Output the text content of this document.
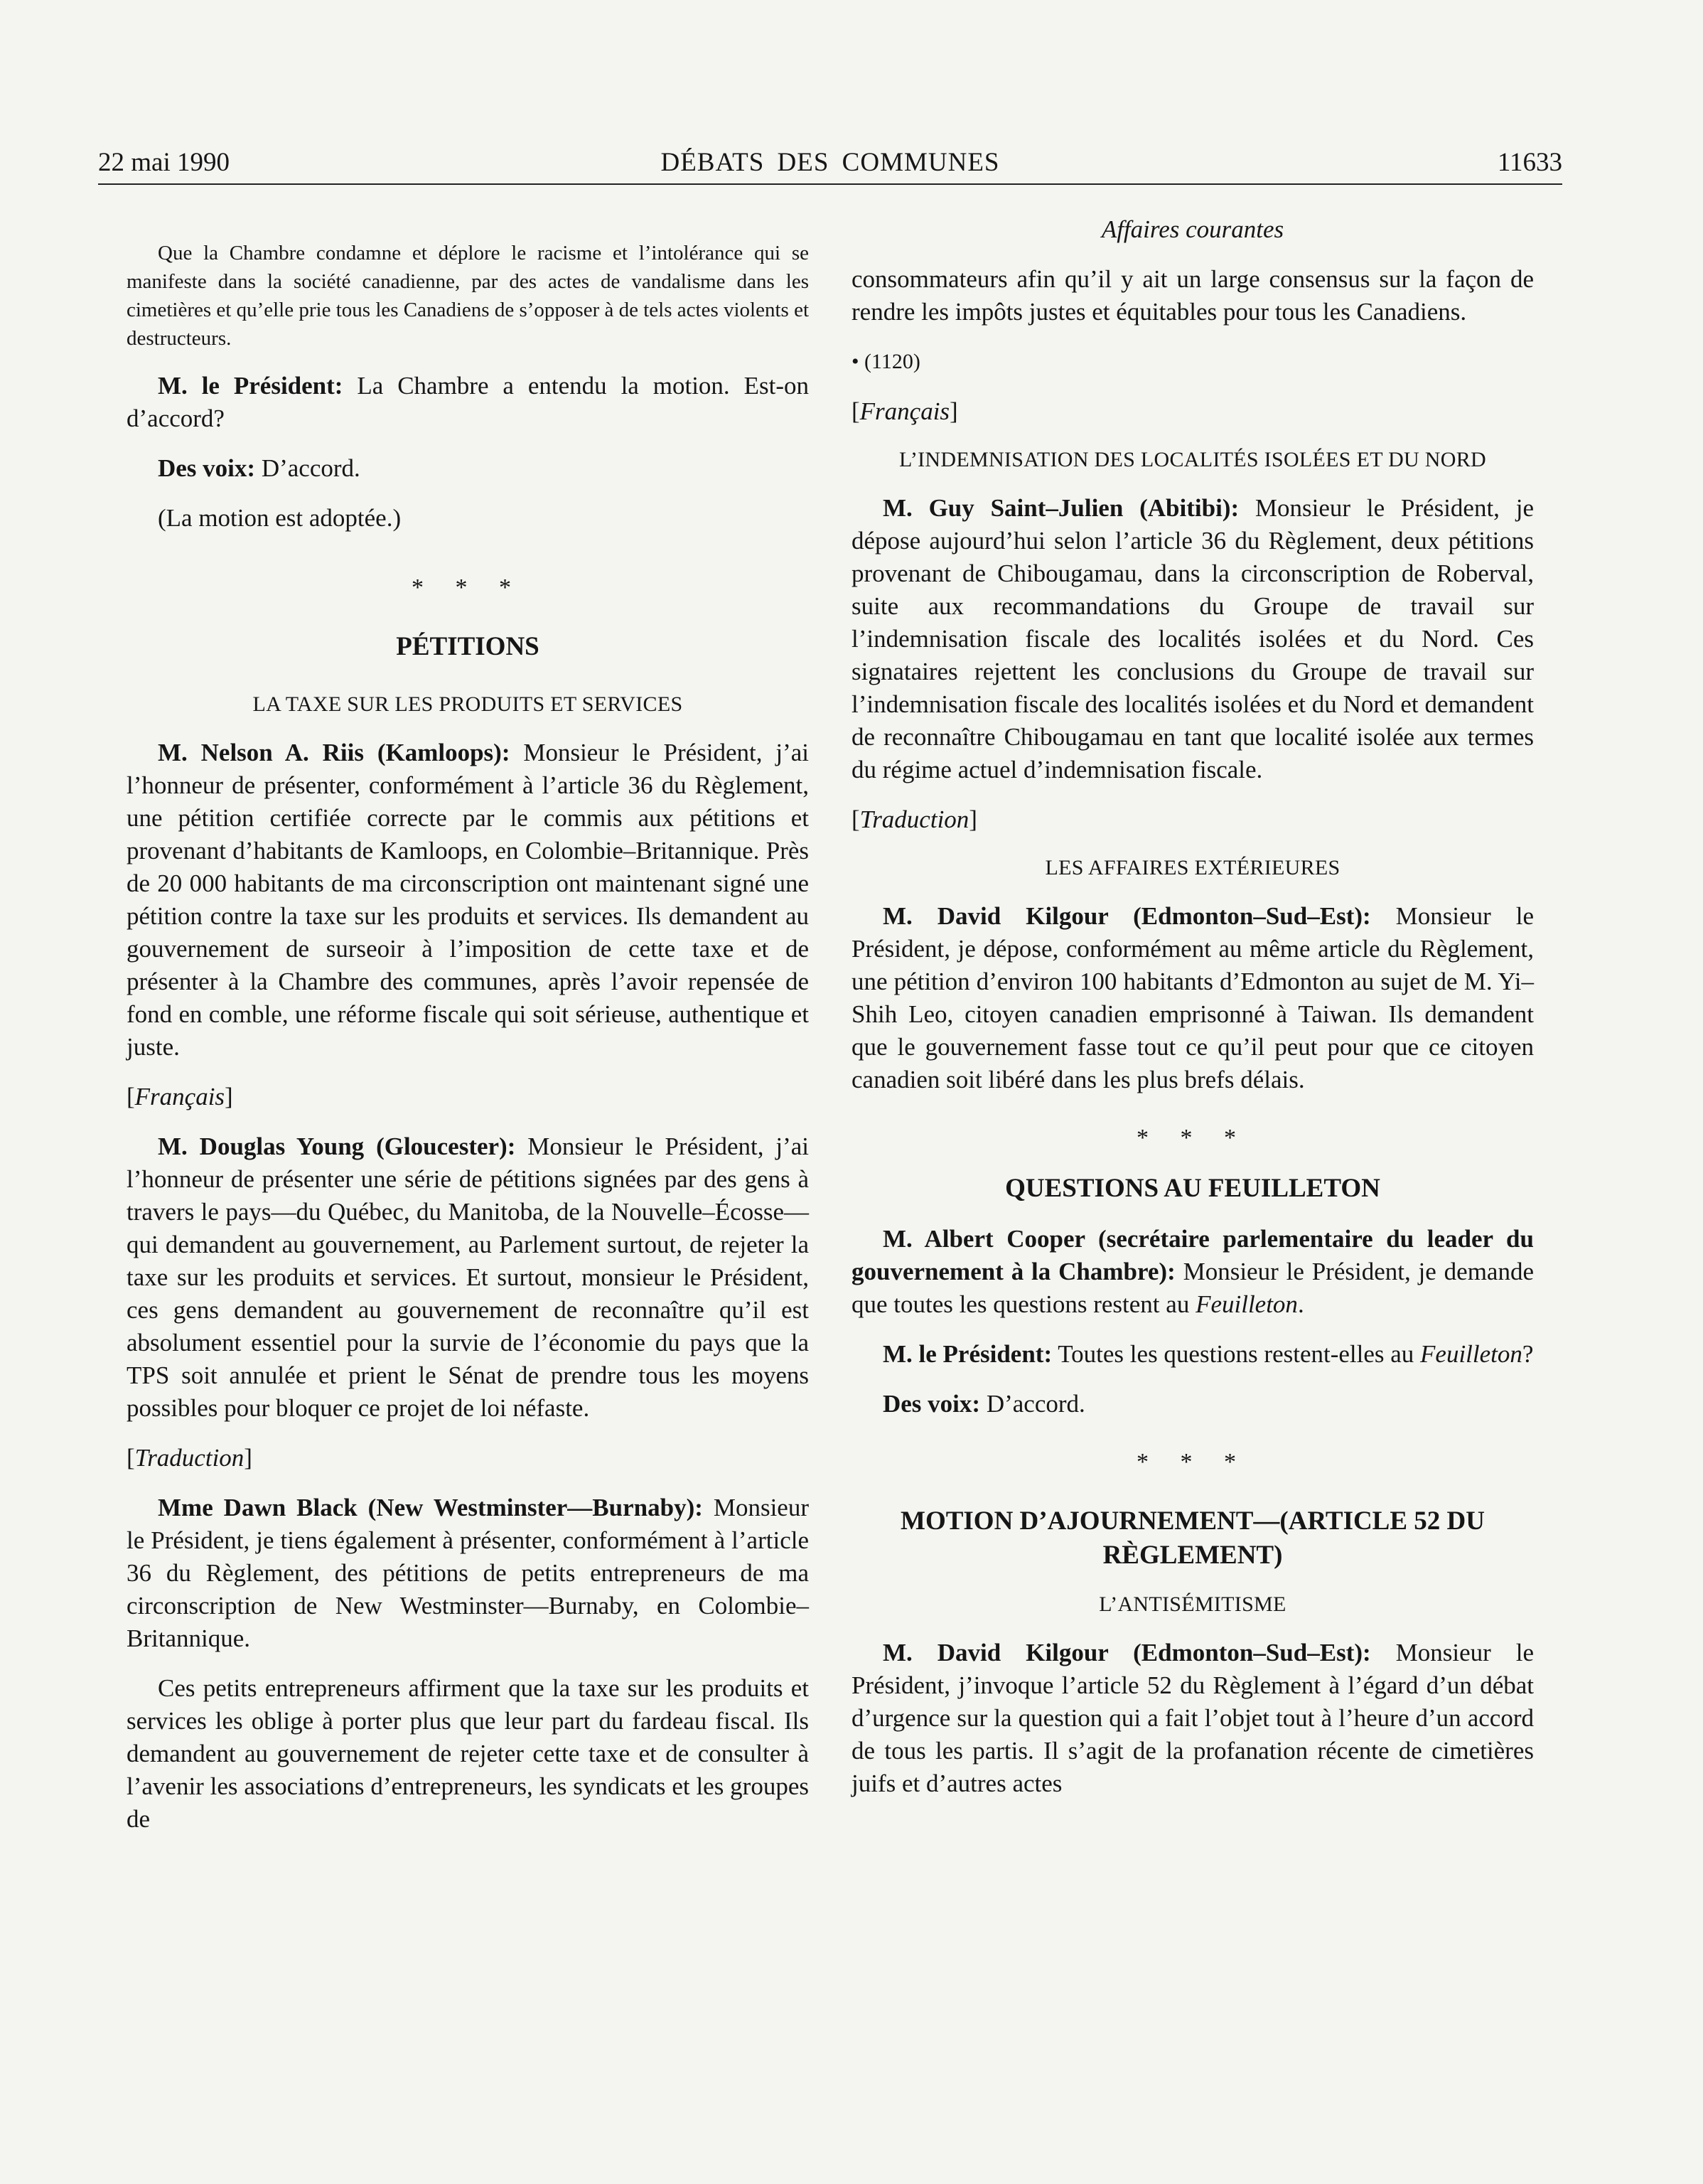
22 mai 1990	DÉBATS DES COMMUNES	11633

Que la Chambre condamne et déplore le racisme et l’intolérance qui se manifeste dans la société canadienne, par des actes de vandalisme dans les cimetières et qu’elle prie tous les Canadiens de s’opposer à de tels actes violents et destructeurs.

M. le Président: La Chambre a entendu la motion. Est-on d’accord?

Des voix: D’accord.

(La motion est adoptée.)

* * *

PÉTITIONS

LA TAXE SUR LES PRODUITS ET SERVICES

M. Nelson A. Riis (Kamloops): Monsieur le Président, j’ai l’honneur de présenter, conformément à l’article 36 du Règlement, une pétition certifiée correcte par le commis aux pétitions et provenant d’habitants de Kamloops, en Colombie–Britannique. Près de 20 000 habitants de ma circonscription ont maintenant signé une pétition contre la taxe sur les produits et services. Ils demandent au gouvernement de surseoir à l’imposition de cette taxe et de présenter à la Chambre des communes, après l’avoir repensée de fond en comble, une réforme fiscale qui soit sérieuse, authentique et juste.

[Français]

M. Douglas Young (Gloucester): Monsieur le Président, j’ai l’honneur de présenter une série de pétitions signées par des gens à travers le pays—du Québec, du Manitoba, de la Nouvelle–Écosse—qui demandent au gouvernement, au Parlement surtout, de rejeter la taxe sur les produits et services. Et surtout, monsieur le Président, ces gens demandent au gouvernement de reconnaître qu’il est absolument essentiel pour la survie de l’économie du pays que la TPS soit annulée et prient le Sénat de prendre tous les moyens possibles pour bloquer ce projet de loi néfaste.

[Traduction]

Mme Dawn Black (New Westminster—Burnaby): Monsieur le Président, je tiens également à présenter, conformément à l’article 36 du Règlement, des pétitions de petits entrepreneurs de ma circonscription de New Westminster—Burnaby, en Colombie–Britannique.

Ces petits entrepreneurs affirment que la taxe sur les produits et services les oblige à porter plus que leur part du fardeau fiscal. Ils demandent au gouvernement de rejeter cette taxe et de consulter à l’avenir les associations d’entrepreneurs, les syndicats et les groupes de

Affaires courantes

consommateurs afin qu’il y ait un large consensus sur la façon de rendre les impôts justes et équitables pour tous les Canadiens.

• (1120)

[Français]

L’INDEMNISATION DES LOCALITÉS ISOLÉES ET DU NORD

M. Guy Saint–Julien (Abitibi): Monsieur le Président, je dépose aujourd’hui selon l’article 36 du Règlement, deux pétitions provenant de Chibougamau, dans la circonscription de Roberval, suite aux recommandations du Groupe de travail sur l’indemnisation fiscale des localités isolées et du Nord. Ces signataires rejettent les conclusions du Groupe de travail sur l’indemnisation fiscale des localités isolées et du Nord et demandent de reconnaître Chibougamau en tant que localité isolée aux termes du régime actuel d’indemnisation fiscale.

[Traduction]

LES AFFAIRES EXTÉRIEURES

M. David Kilgour (Edmonton–Sud–Est): Monsieur le Président, je dépose, conformément au même article du Règlement, une pétition d’environ 100 habitants d’Edmonton au sujet de M. Yi–Shih Leo, citoyen canadien emprisonné à Taiwan. Ils demandent que le gouvernement fasse tout ce qu’il peut pour que ce citoyen canadien soit libéré dans les plus brefs délais.

* * *

QUESTIONS AU FEUILLETON

M. Albert Cooper (secrétaire parlementaire du leader du gouvernement à la Chambre): Monsieur le Président, je demande que toutes les questions restent au Feuilleton.

M. le Président: Toutes les questions restent-elles au Feuilleton?

Des voix: D’accord.

* * *

MOTION D’AJOURNEMENT—(ARTICLE 52 DU RÈGLEMENT)

L’ANTISÉMITISME

M. David Kilgour (Edmonton–Sud–Est): Monsieur le Président, j’invoque l’article 52 du Règlement à l’égard d’un débat d’urgence sur la question qui a fait l’objet tout à l’heure d’un accord de tous les partis. Il s’agit de la profanation récente de cimetières juifs et d’autres actes
